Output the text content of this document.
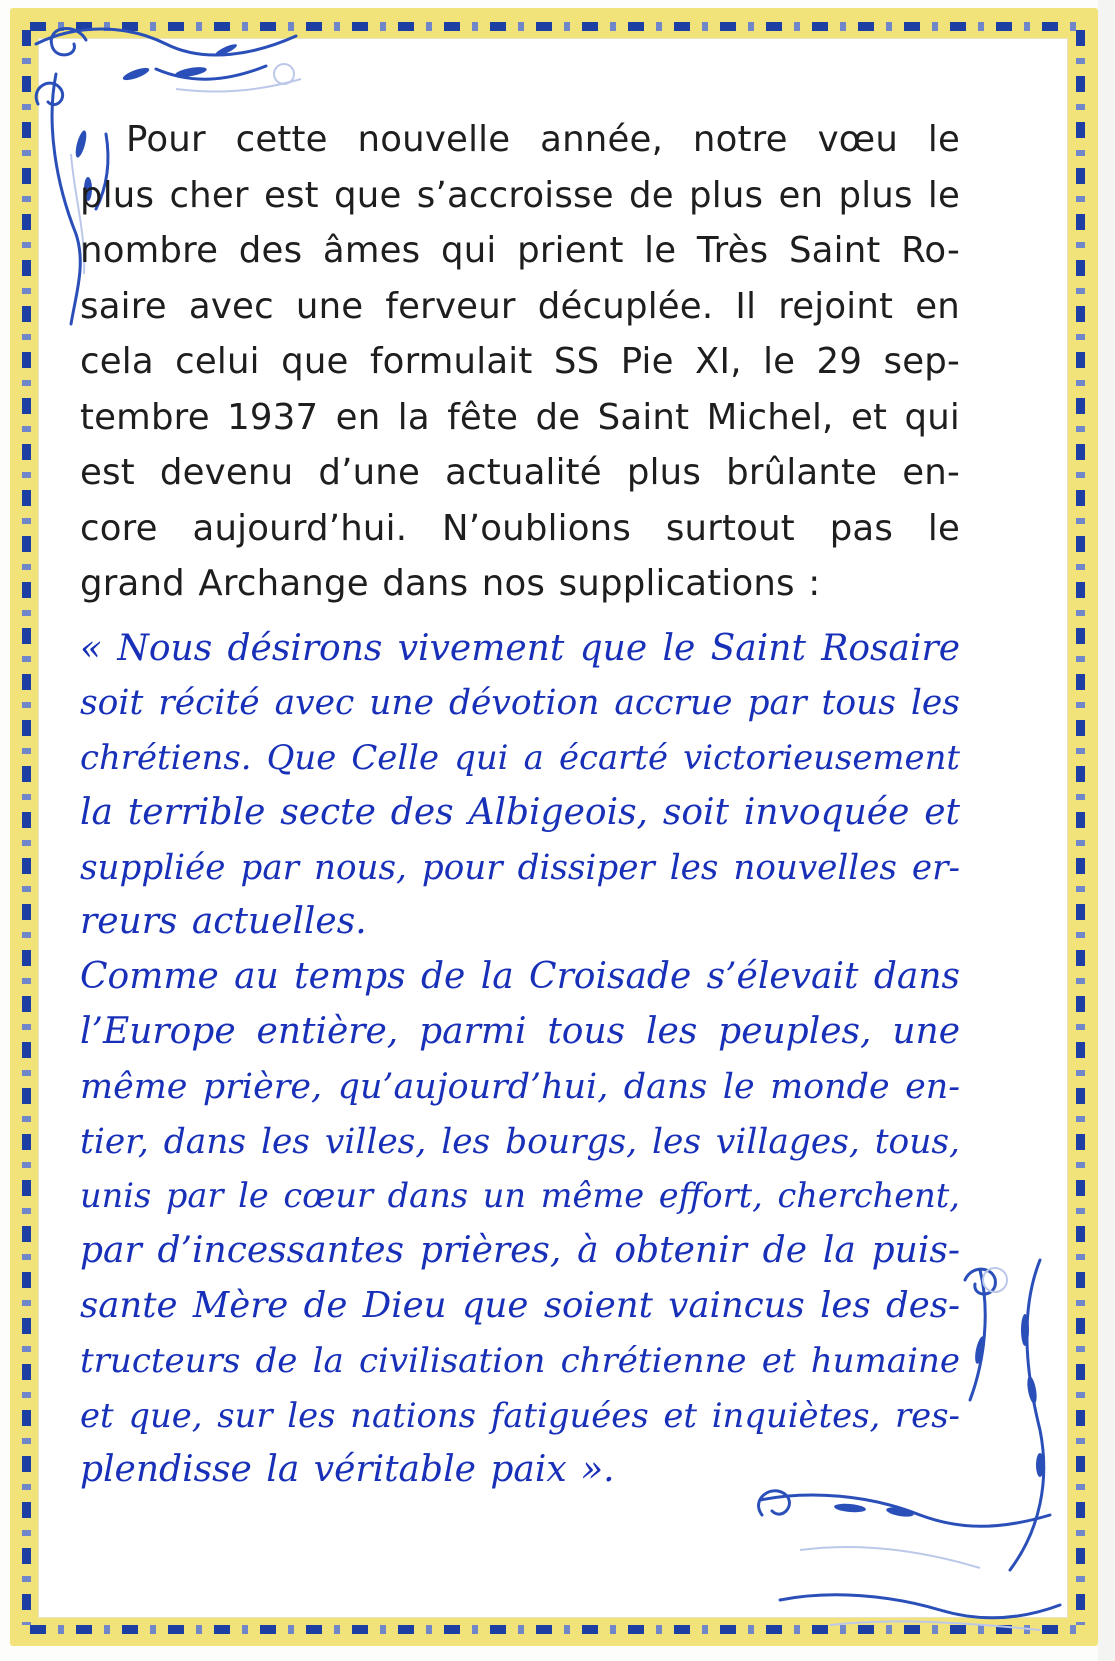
Pour cette nouvelle année, notre vœu le
plus cher est que s’accroisse de plus en plus le
nombre des âmes qui prient le Très Saint Ro-
saire avec une ferveur décuplée. Il rejoint en
cela celui que formulait SS Pie XI, le 29 sep-
tembre 1937 en la fête de Saint Michel, et qui
est devenu d’une actualité plus brûlante en-
core aujourd’hui. N’oublions surtout pas le
grand Archange dans nos supplications :

« Nous désirons vivement que le Saint Rosaire
soit récité avec une dévotion accrue par tous les
chrétiens. Que Celle qui a écarté victorieusement
la terrible secte des Albigeois, soit invoquée et
suppliée par nous, pour dissiper les nouvelles er-
reurs actuelles.
Comme au temps de la Croisade s’élevait dans
l’Europe entière, parmi tous les peuples, une
même prière, qu’aujourd’hui, dans le monde en-
tier, dans les villes, les bourgs, les villages, tous,
unis par le cœur dans un même effort, cherchent,
par d’incessantes prières, à obtenir de la puis-
sante Mère de Dieu que soient vaincus les des-
tructeurs de la civilisation chrétienne et humaine
et que, sur les nations fatiguées et inquiètes, res-
plendisse la véritable paix ».
